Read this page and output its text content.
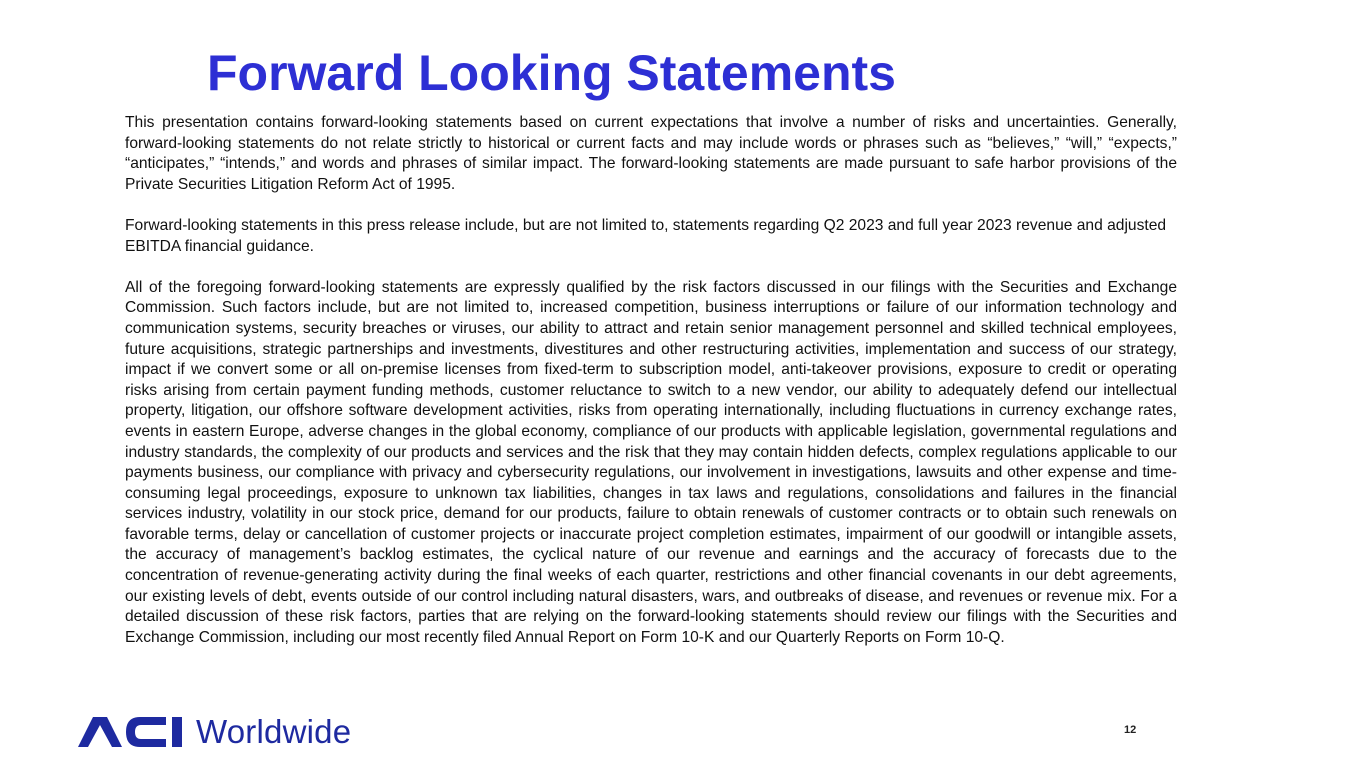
Forward Looking Statements

This presentation contains forward-looking statements based on current expectations that involve a number of risks and uncertainties. Generally, forward-looking statements do not relate strictly to historical or current facts and may include words or phrases such as “believes,” “will,” “expects,” “anticipates,” “intends,” and words and phrases of similar impact. The forward-looking statements are made pursuant to safe harbor provisions of the Private Securities Litigation Reform Act of 1995.

Forward-looking statements in this press release include, but are not limited to, statements regarding Q2 2023 and full year 2023 revenue and adjusted EBITDA financial guidance.

All of the foregoing forward-looking statements are expressly qualified by the risk factors discussed in our filings with the Securities and Exchange Commission. Such factors include, but are not limited to, increased competition, business interruptions or failure of our information technology and communication systems, security breaches or viruses, our ability to attract and retain senior management personnel and skilled technical employees, future acquisitions, strategic partnerships and investments, divestitures and other restructuring activities, implementation and success of our strategy, impact if we convert some or all on-premise licenses from fixed-term to subscription model, anti-takeover provisions, exposure to credit or operating risks arising from certain payment funding methods, customer reluctance to switch to a new vendor, our ability to adequately defend our intellectual property, litigation, our offshore software development activities, risks from operating internationally, including fluctuations in currency exchange rates, events in eastern Europe, adverse changes in the global economy, compliance of our products with applicable legislation, governmental regulations and industry standards, the complexity of our products and services and the risk that they may contain hidden defects, complex regulations applicable to our payments business, our compliance with privacy and cybersecurity regulations, our involvement in investigations, lawsuits and other expense and time-consuming legal proceedings, exposure to unknown tax liabilities, changes in tax laws and regulations, consolidations and failures in the financial services industry, volatility in our stock price, demand for our products, failure to obtain renewals of customer contracts or to obtain such renewals on favorable terms, delay or cancellation of customer projects or inaccurate project completion estimates, impairment of our goodwill or intangible assets, the accuracy of management’s backlog estimates, the cyclical nature of our revenue and earnings and the accuracy of forecasts due to the concentration of revenue-generating activity during the final weeks of each quarter, restrictions and other financial covenants in our debt agreements, our existing levels of debt, events outside of our control including natural disasters, wars, and outbreaks of disease, and revenues or revenue mix. For a detailed discussion of these risk factors, parties that are relying on the forward-looking statements should review our filings with the Securities and Exchange Commission, including our most recently filed Annual Report on Form 10-K and our Quarterly Reports on Form 10-Q.

Worldwide	12
